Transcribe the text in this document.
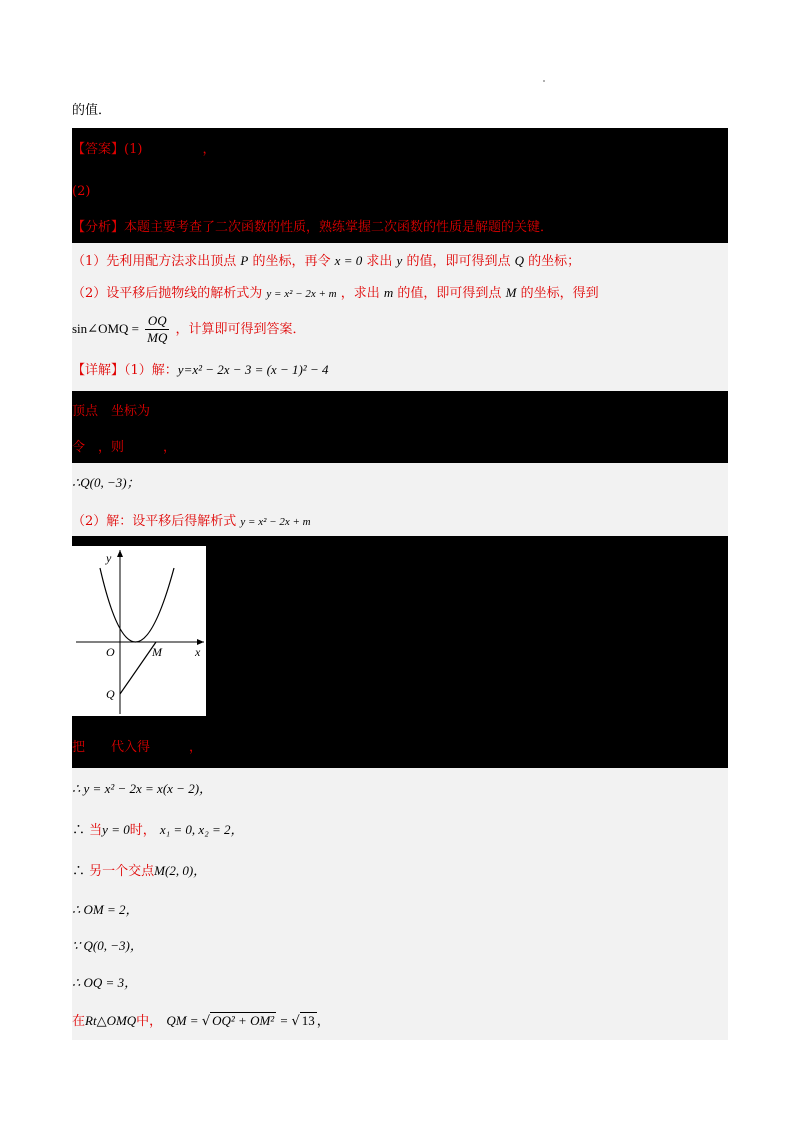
的值．
【答案】(1)	，
(2)
【分析】本题主要考查了二次函数的性质，熟练掌握二次函数的性质是解题的关键．
（1）先利用配方法求出顶点 P 的坐标，再令 x = 0 求出 y 的值，即可得到点 Q 的坐标；
（2）设平移后抛物线的解析式为 y = x² − 2x + m ，求出 m 的值，即可得到点 M 的坐标，得到
sin∠OMQ = $\frac{OQ}{MQ}$ ，计算即可得到答案．
【详解】（1）解：y=x² − 2x − 3 = (x − 1)² − 4
顶点　坐标为
令　，则　　　，
∴Q(0, −3)；
（2）解：设平移后得解析式 y = x² − 2x + m
y
x
O	M
Q
把　　代入得　　　，
∴ y = x² − 2x = x(x − 2)，
∴ 当y = 0时， x₁ = 0, x₂ = 2，
∴ 另一个交点M(2, 0)，
∴ OM = 2，
∵ Q(0, −3)，
∴ OQ = 3，
在Rt△OMQ中， QM = √ OQ² + OM² = √ 13 ，
